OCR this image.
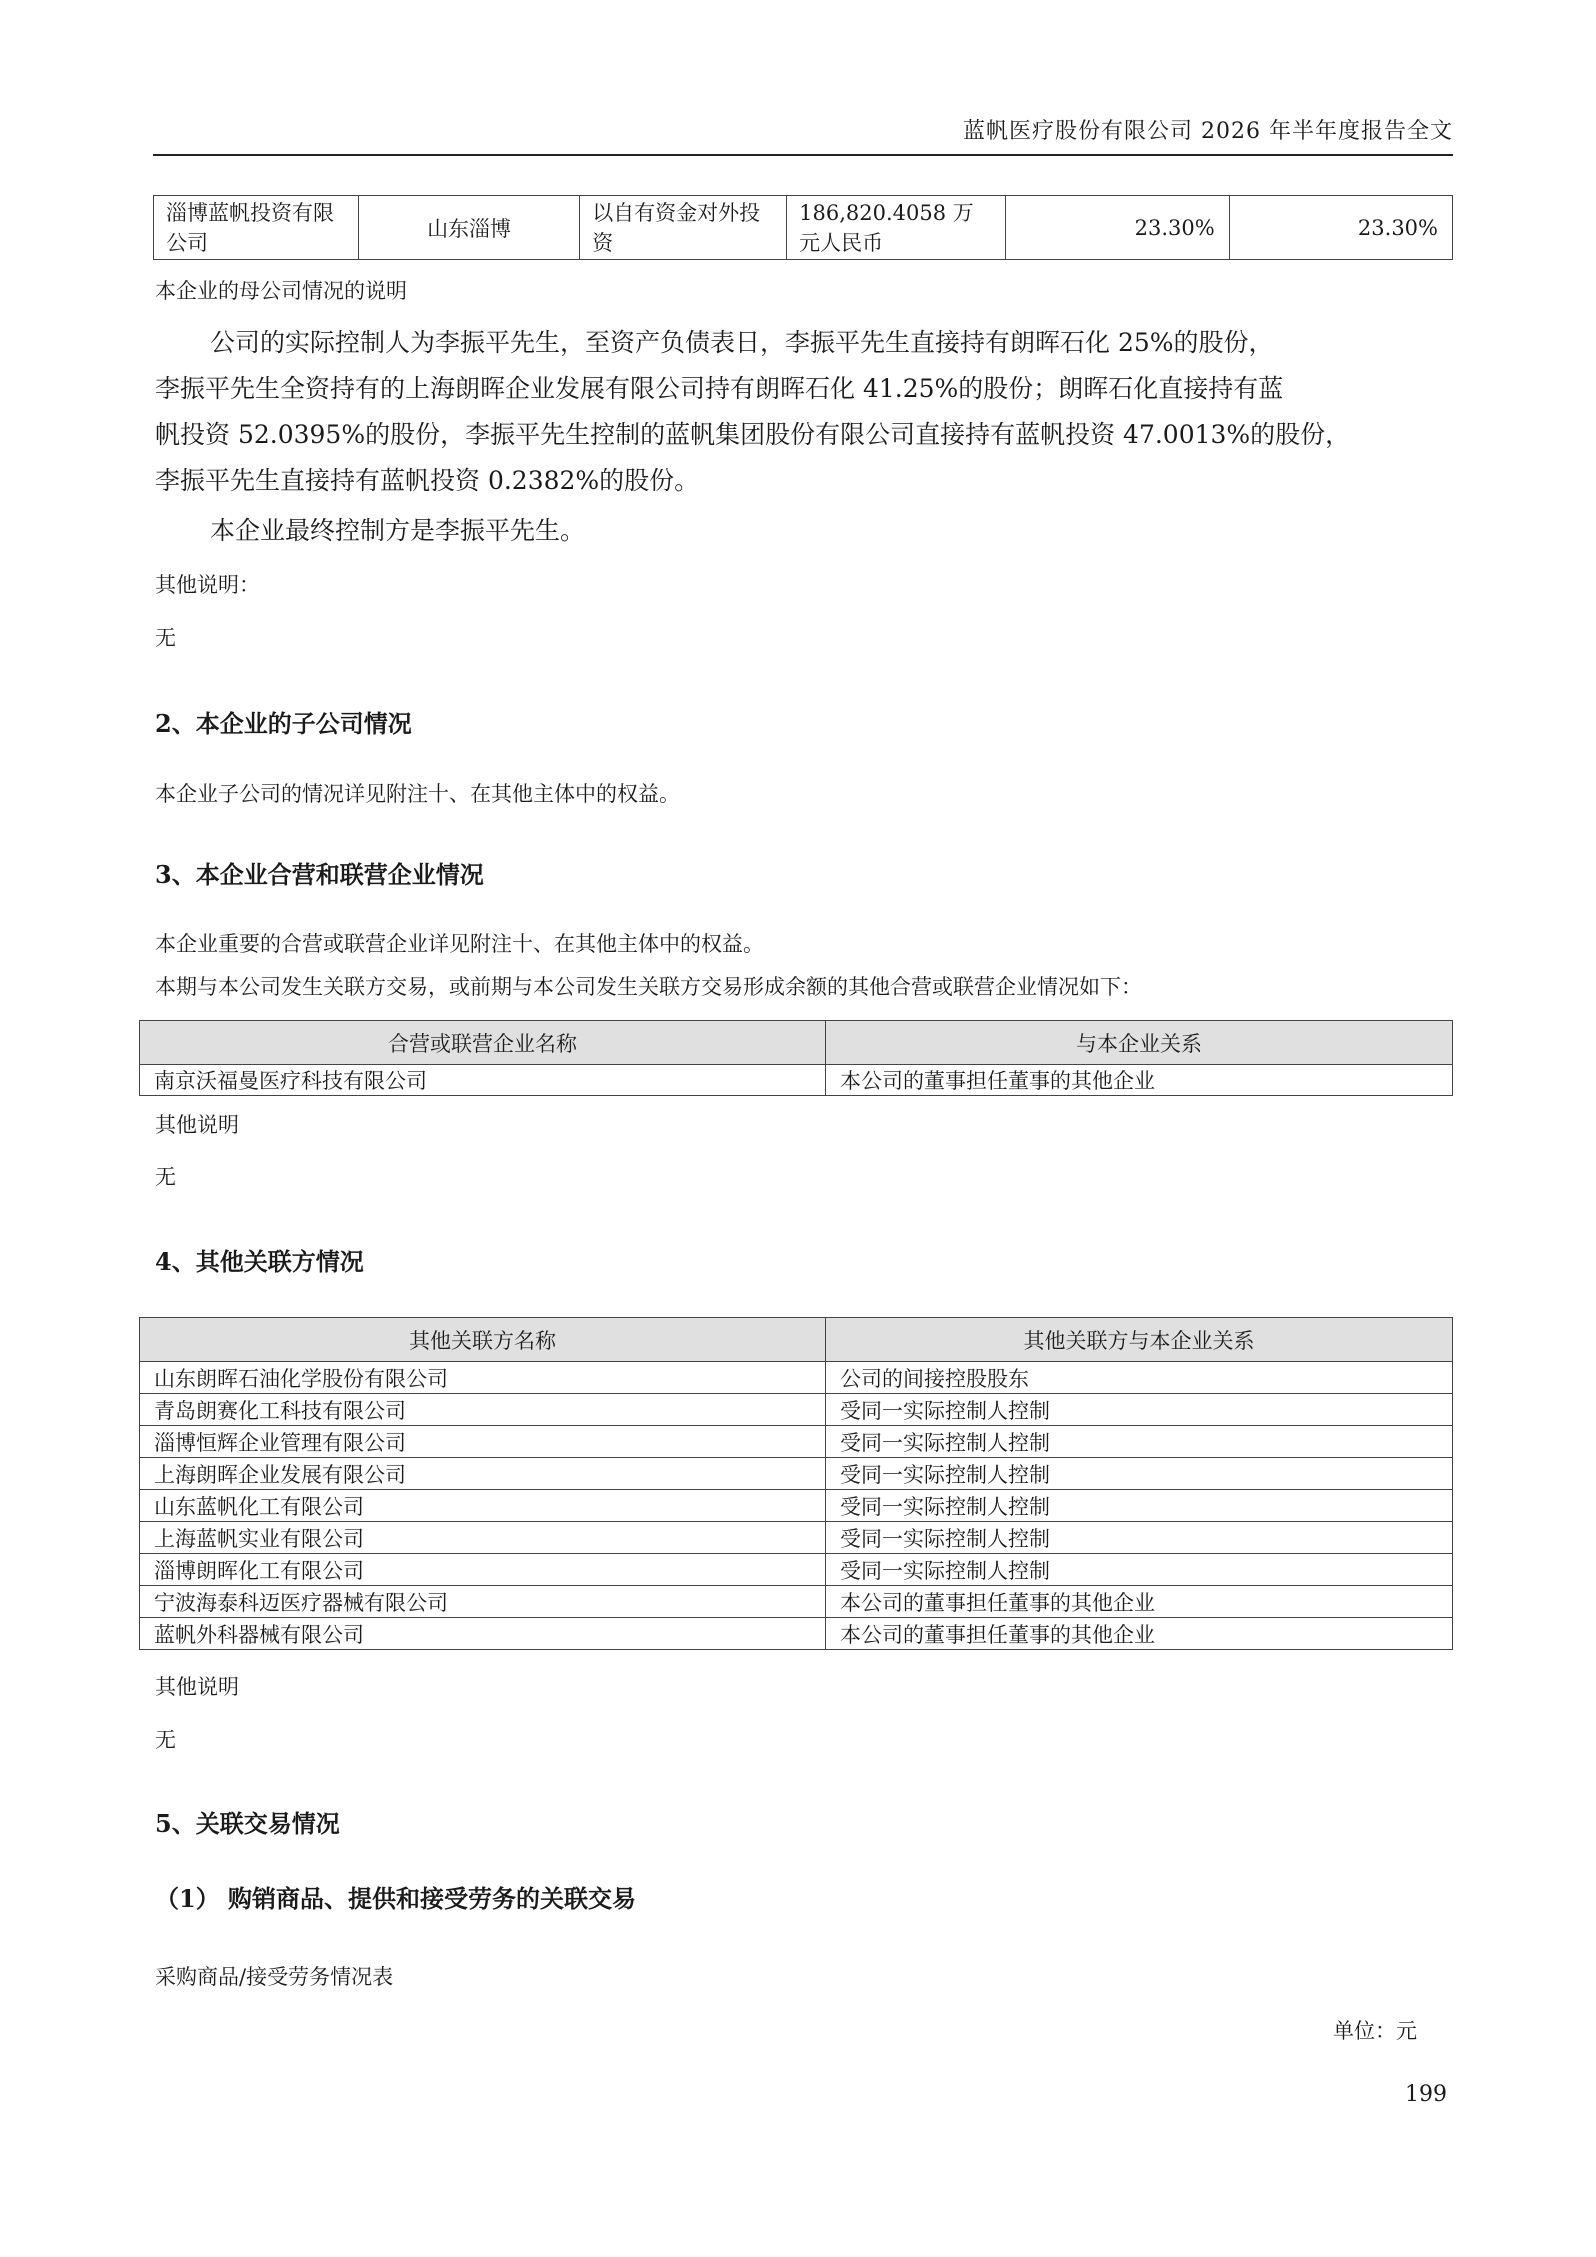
蓝帆医疗股份有限公司 2026 年半年度报告全文
淄博蓝帆投资有限公司	山东淄博	以自有资金对外投资	186,820.4058 万元人民币	23.30%	23.30%
本企业的母公司情况的说明
公司的实际控制人为李振平先生，至资产负债表日，李振平先生直接持有朗晖石化 25%的股份，
李振平先生全资持有的上海朗晖企业发展有限公司持有朗晖石化 41.25%的股份；朗晖石化直接持有蓝
帆投资 52.0395%的股份，李振平先生控制的蓝帆集团股份有限公司直接持有蓝帆投资 47.0013%的股份，
李振平先生直接持有蓝帆投资 0.2382%的股份。
本企业最终控制方是李振平先生。
其他说明：
无
2、本企业的子公司情况
本企业子公司的情况详见附注十、在其他主体中的权益。
3、本企业合营和联营企业情况
本企业重要的合营或联营企业详见附注十、在其他主体中的权益。
本期与本公司发生关联方交易，或前期与本公司发生关联方交易形成余额的其他合营或联营企业情况如下：
合营或联营企业名称	与本企业关系
南京沃福曼医疗科技有限公司	本公司的董事担任董事的其他企业
其他说明
无
4、其他关联方情况
其他关联方名称	其他关联方与本企业关系
山东朗晖石油化学股份有限公司	公司的间接控股股东
青岛朗赛化工科技有限公司	受同一实际控制人控制
淄博恒辉企业管理有限公司	受同一实际控制人控制
上海朗晖企业发展有限公司	受同一实际控制人控制
山东蓝帆化工有限公司	受同一实际控制人控制
上海蓝帆实业有限公司	受同一实际控制人控制
淄博朗晖化工有限公司	受同一实际控制人控制
宁波海泰科迈医疗器械有限公司	本公司的董事担任董事的其他企业
蓝帆外科器械有限公司	本公司的董事担任董事的其他企业
其他说明
无
5、关联交易情况
（1） 购销商品、提供和接受劳务的关联交易
采购商品/接受劳务情况表
单位：元
199
